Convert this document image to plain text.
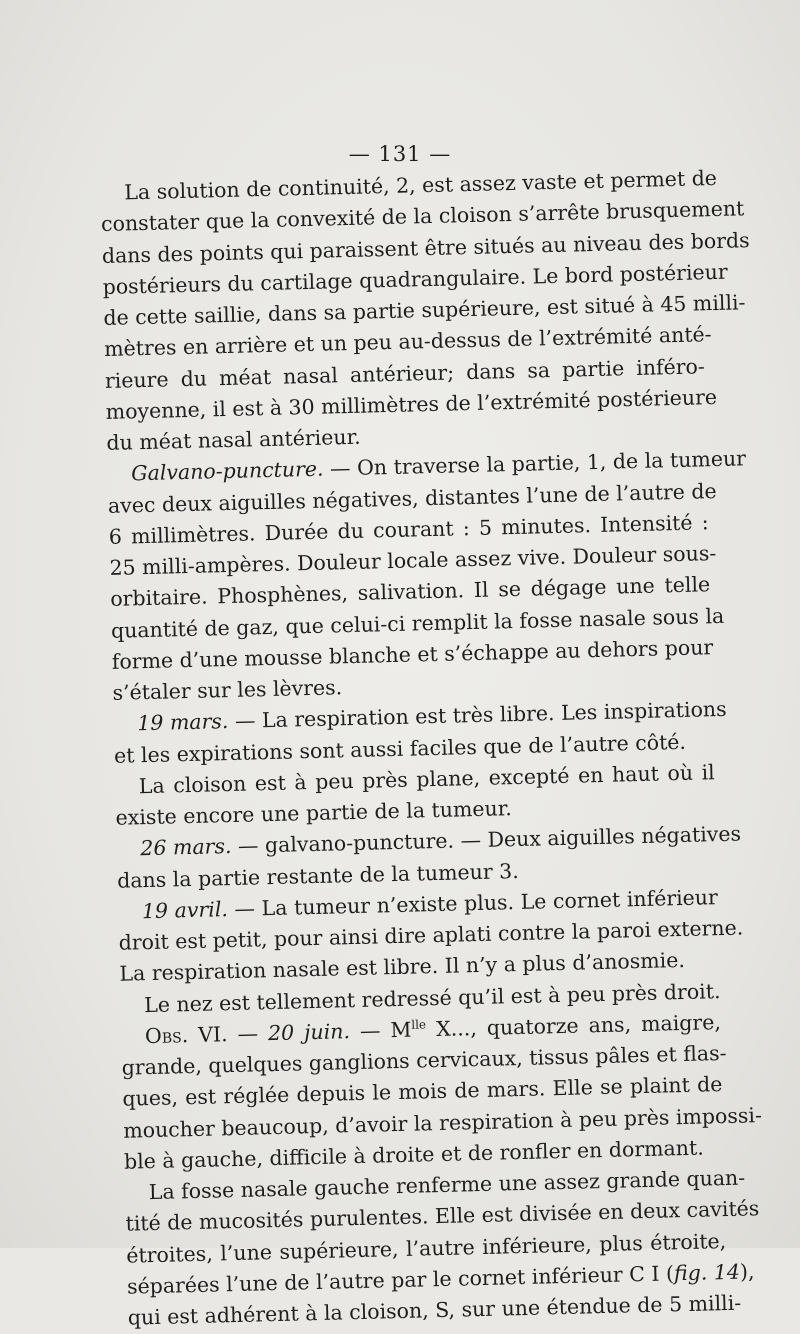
— 131 —
La solution de continuité, 2, est assez vaste et permet de
constater que la convexité de la cloison s’arrête brusquement
dans des points qui paraissent être situés au niveau des bords
postérieurs du cartilage quadrangulaire. Le bord postérieur
de cette saillie, dans sa partie supérieure, est situé à 45 milli-
mètres en arrière et un peu au-dessus de l’extrémité anté-
rieure du méat nasal antérieur; dans sa partie inféro-
moyenne, il est à 30 millimètres de l’extrémité postérieure
du méat nasal antérieur.
Galvano-puncture. — On traverse la partie, 1, de la tumeur
avec deux aiguilles négatives, distantes l’une de l’autre de
6 millimètres. Durée du courant : 5 minutes. Intensité :
25 milli-ampères. Douleur locale assez vive. Douleur sous-
orbitaire. Phosphènes, salivation. Il se dégage une telle
quantité de gaz, que celui-ci remplit la fosse nasale sous la
forme d’une mousse blanche et s’échappe au dehors pour
s’étaler sur les lèvres.
19 mars. — La respiration est très libre. Les inspirations
et les expirations sont aussi faciles que de l’autre côté.
La cloison est à peu près plane, excepté en haut où il
existe encore une partie de la tumeur.
26 mars. — galvano-puncture. — Deux aiguilles négatives
dans la partie restante de la tumeur 3.
19 avril. — La tumeur n’existe plus. Le cornet inférieur
droit est petit, pour ainsi dire aplati contre la paroi externe.
La respiration nasale est libre. Il n’y a plus d’anosmie.
Le nez est tellement redressé qu’il est à peu près droit.
Obs. VI. — 20 juin. — $M^{lle}$ X..., quatorze ans, maigre,
grande, quelques ganglions cervicaux, tissus pâles et flas-
ques, est réglée depuis le mois de mars. Elle se plaint de
moucher beaucoup, d’avoir la respiration à peu près impossi-
ble à gauche, difficile à droite et de ronfler en dormant.
La fosse nasale gauche renferme une assez grande quan-
tité de mucosités purulentes. Elle est divisée en deux cavités
étroites, l’une supérieure, l’autre inférieure, plus étroite,
séparées l’une de l’autre par le cornet inférieur C I (fig. 14),
qui est adhérent à la cloison, S, sur une étendue de 5 milli-
